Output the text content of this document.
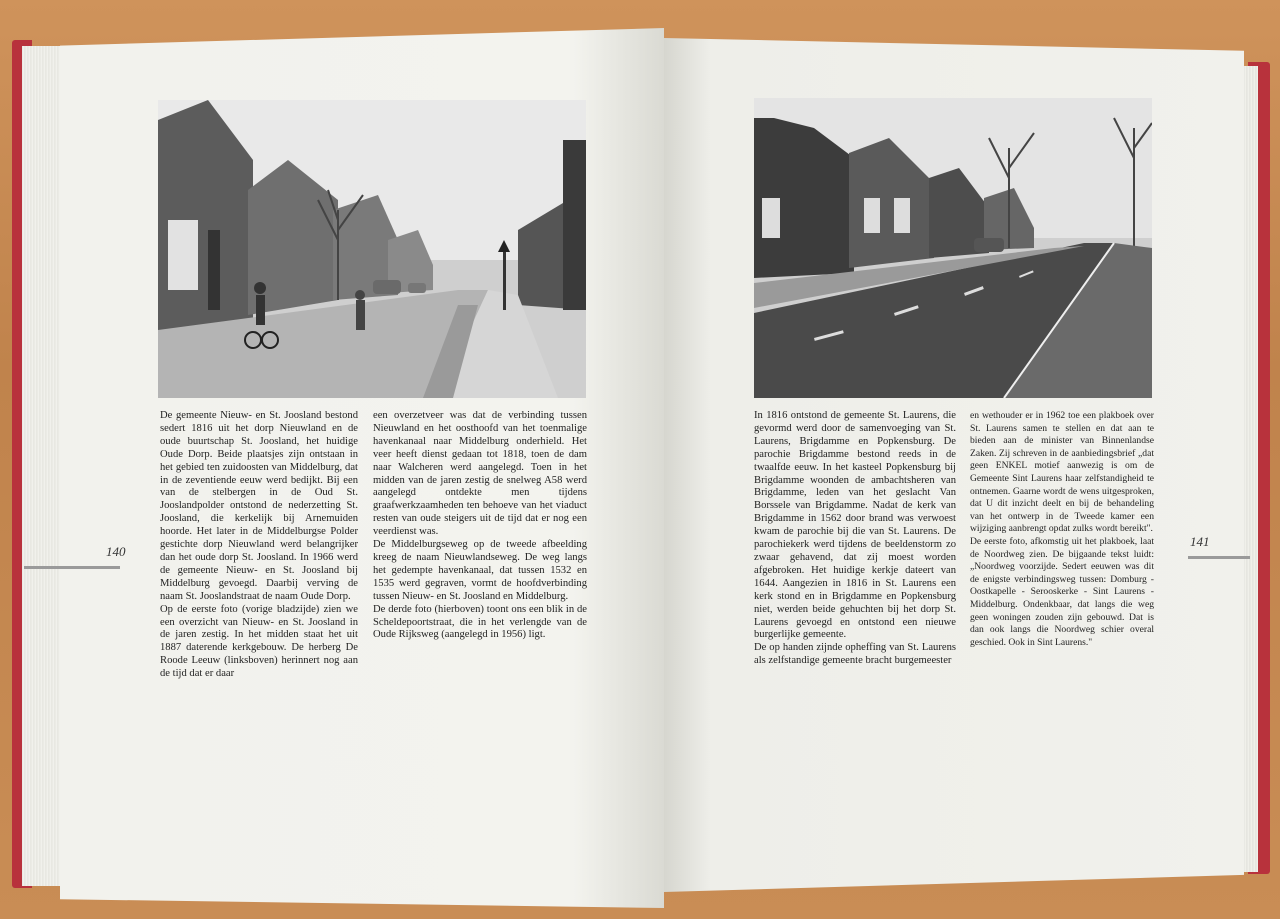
De gemeente Nieuw- en St. Joosland bestond sedert 1816 uit het dorp Nieuwland en de oude buurtschap St. Joosland, het huidige Oude Dorp. Beide plaatsjes zijn ontstaan in het gebied ten zuidoosten van Middelburg, dat in de zeventiende eeuw werd bedijkt. Bij een van de stelbergen in de Oud St. Jooslandpolder ontstond de nederzetting St. Joosland, die kerkelijk bij Arnemuiden hoorde. Het later in de Middelburgse Polder gestichte dorp Nieuwland werd belangrijker dan het oude dorp St. Joosland. In 1966 werd de gemeente Nieuw- en St. Joosland bij Middelburg gevoegd. Daarbij verving de naam St. Jooslandstraat de naam Oude Dorp.

Op de eerste foto (vorige bladzijde) zien we een overzicht van Nieuw- en St. Joosland in de jaren zestig. In het midden staat het uit 1887 daterende kerkgebouw. De herberg De Roode Leeuw (linksboven) herinnert nog aan de tijd dat er daar

een overzetveer was dat de verbinding tussen Nieuwland en het oosthoofd van het toenmalige havenkanaal naar Middelburg onderhield. Het veer heeft dienst gedaan tot 1818, toen de dam naar Walcheren werd aangelegd. Toen in het midden van de jaren zestig de snelweg A58 werd aangelegd ontdekte men tijdens graafwerkzaamheden ten behoeve van het viaduct resten van oude steigers uit de tijd dat er nog een veerdienst was.

De Middelburgseweg op de tweede afbeelding kreeg de naam Nieuwlandseweg. De weg langs het gedempte havenkanaal, dat tussen 1532 en 1535 werd gegraven, vormt de hoofdverbinding tussen Nieuw- en St. Joosland en Middelburg.

De derde foto (hierboven) toont ons een blik in de Scheldepoortstraat, die in het verlengde van de Oude Rijksweg (aangelegd in 1956) ligt.

In 1816 ontstond de gemeente St. Laurens, die gevormd werd door de samenvoeging van St. Laurens, Brigdamme en Popkensburg. De parochie Brigdamme bestond reeds in de twaalfde eeuw. In het kasteel Popkensburg bij Brigdamme woonden de ambachtsheren van Brigdamme, leden van het geslacht Van Borssele van Brigdamme. Nadat de kerk van Brigdamme in 1562 door brand was verwoest kwam de parochie bij die van St. Laurens. De parochiekerk werd tijdens de beeldenstorm zo zwaar gehavend, dat zij moest worden afgebroken. Het huidige kerkje dateert van 1644. Aangezien in 1816 in St. Laurens een kerk stond en in Brigdamme en Popkensburg niet, werden beide gehuchten bij het dorp St. Laurens gevoegd en ontstond een nieuwe burgerlijke gemeente.

De op handen zijnde opheffing van St. Laurens als zelfstandige gemeente bracht burgemeester

en wethouder er in 1962 toe een plakboek over St. Laurens samen te stellen en dat aan te bieden aan de minister van Binnenlandse Zaken. Zij schreven in de aanbiedingsbrief „dat geen ENKEL motief aanwezig is om de Gemeente Sint Laurens haar zelfstandigheid te ontnemen. Gaarne wordt de wens uitgesproken, dat U dit inzicht deelt en bij de behandeling van het ontwerp in de Tweede kamer een wijziging aanbrengt opdat zulks wordt bereikt".

De eerste foto, afkomstig uit het plakboek, laat de Noordweg zien. De bijgaande tekst luidt: „Noordweg voorzijde. Sedert eeuwen was dit de enigste verbindingsweg tussen: Domburg - Oostkapelle - Serooskerke - Sint Laurens - Middelburg. Ondenkbaar, dat langs die weg geen woningen zouden zijn gebouwd. Dat is dan ook langs die Noordweg schier overal geschied. Ook in Sint Laurens."

140
141
